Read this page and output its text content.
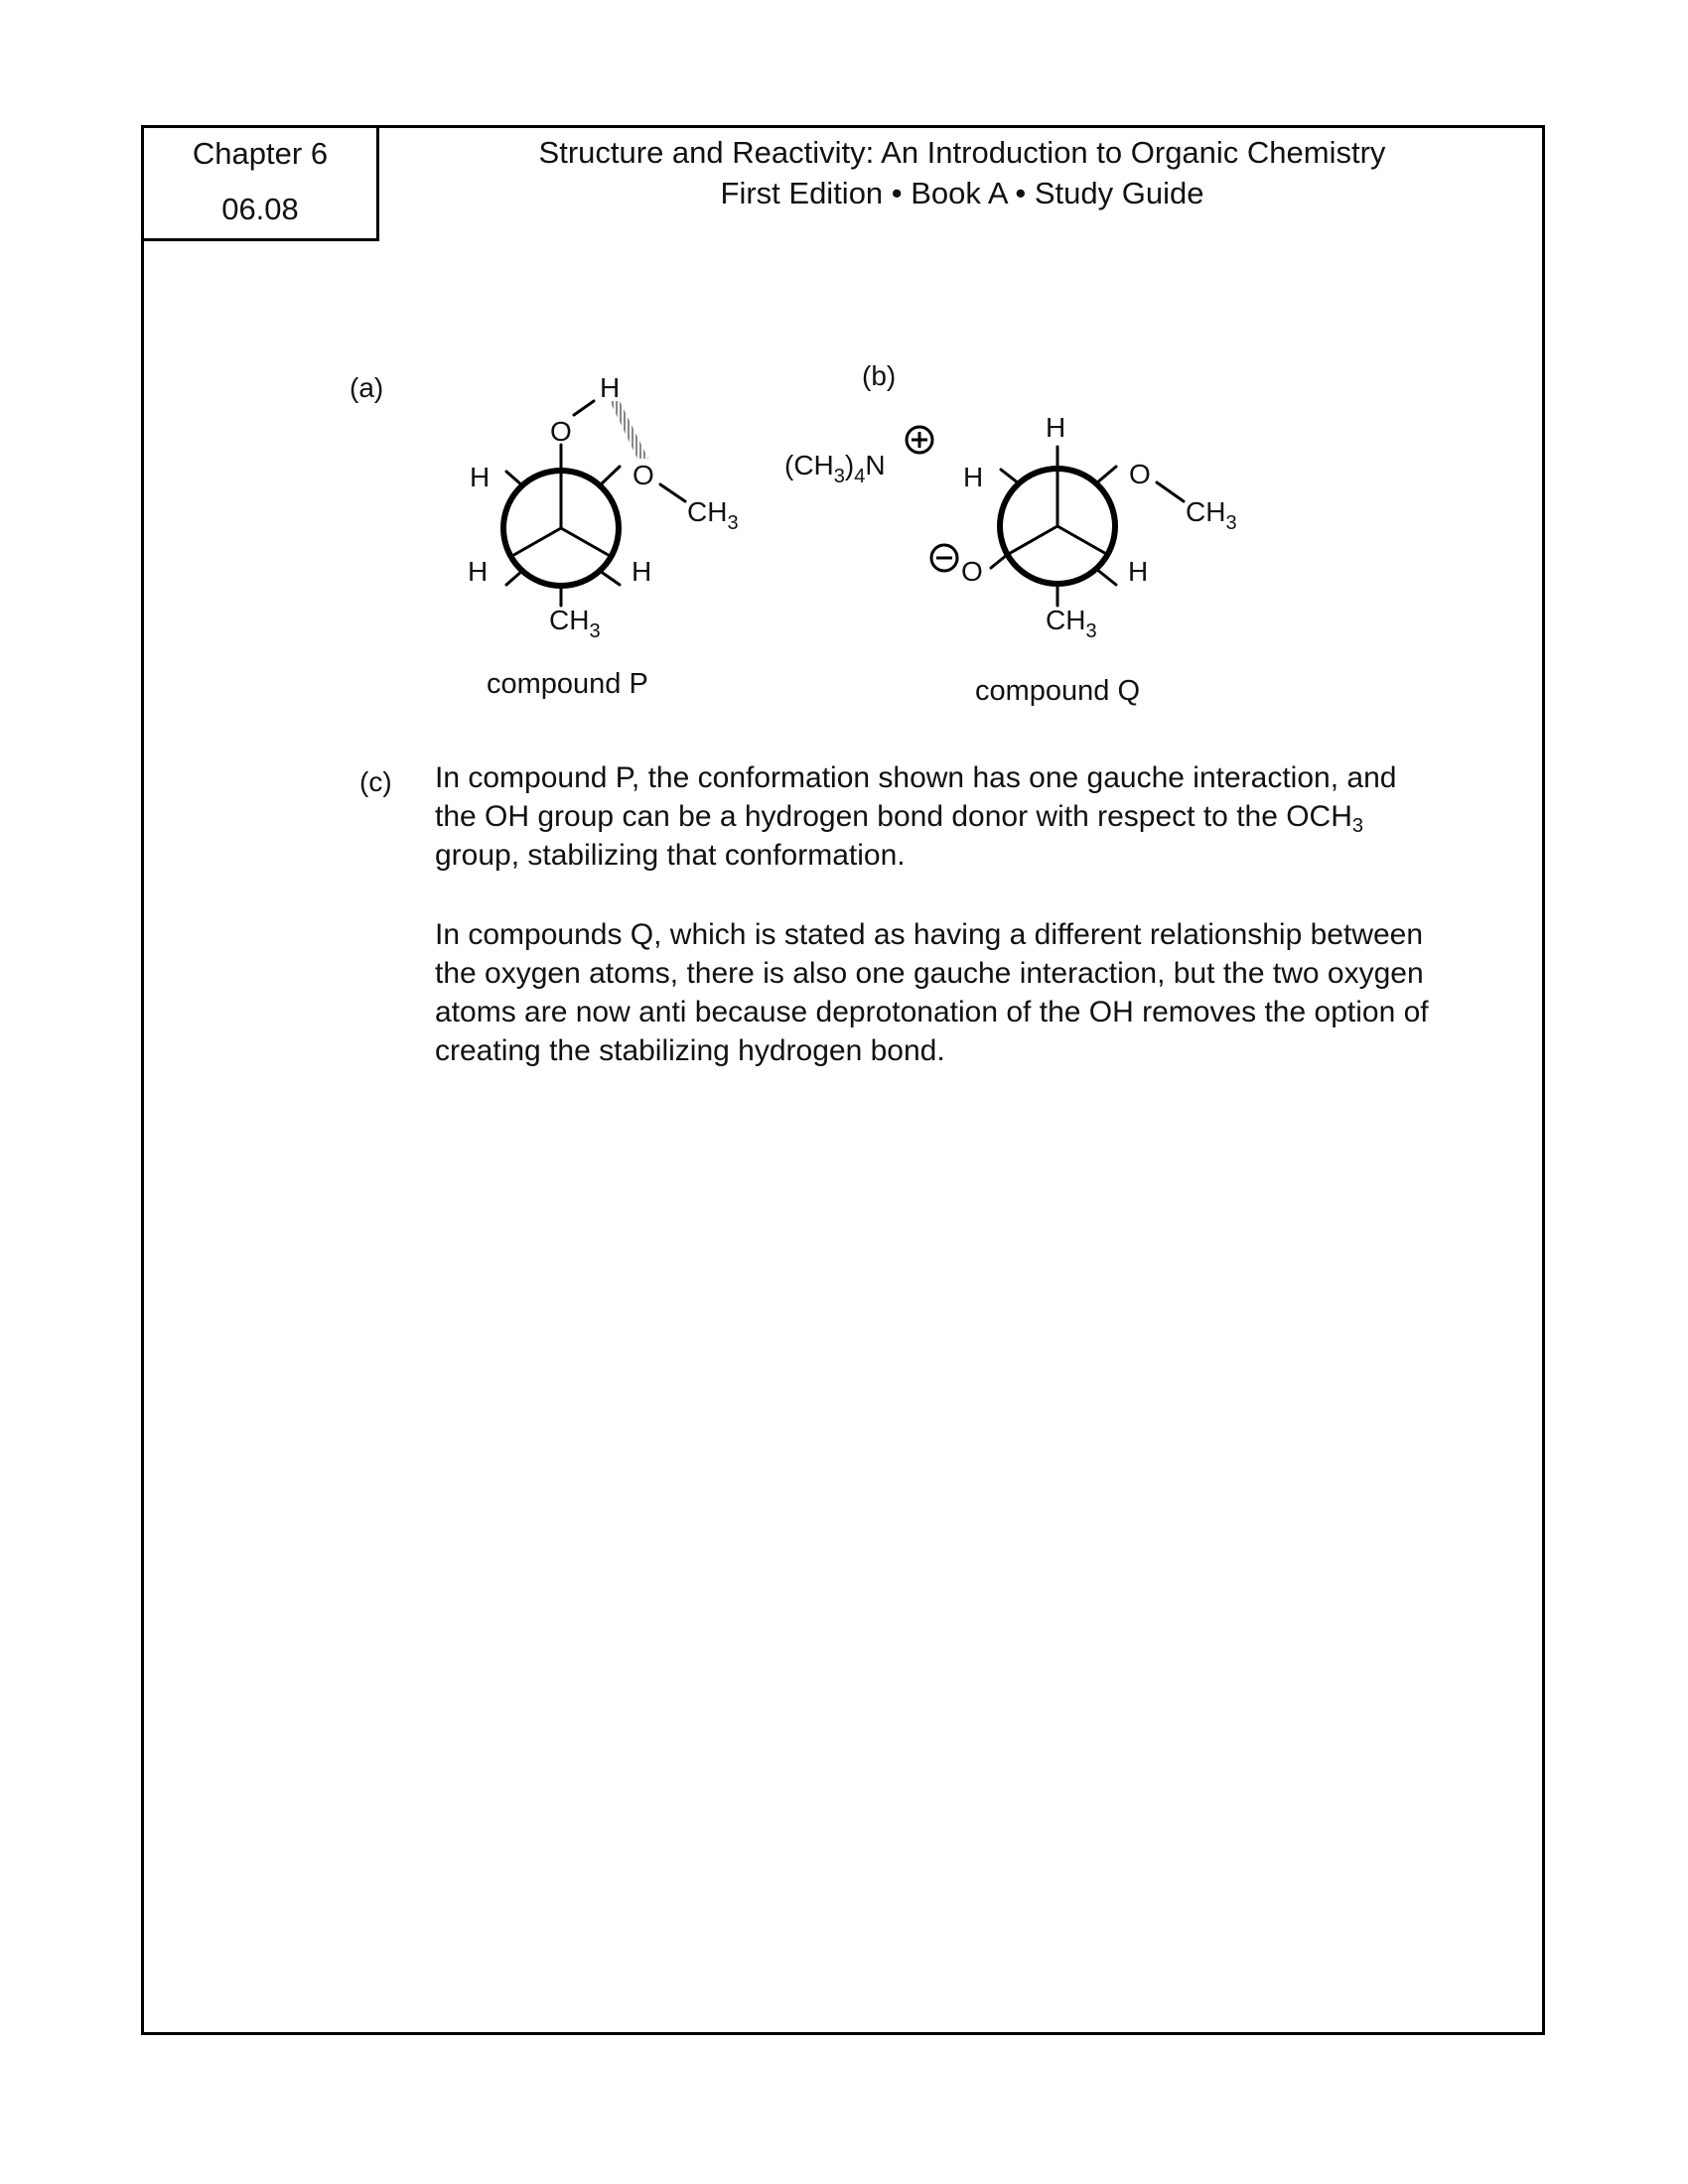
Chapter 6
06.08
Structure and Reactivity: An Introduction to Organic Chemistry
First Edition • Book A • Study Guide
(a)	(b)
H
O
O
$CH_3$
H
H	H
$CH_3$
compound P
$(CH_3)_4N$
H
H	O
$CH_3$
O	H
$CH_3$
compound Q
(c) In compound P, the conformation shown has one gauche interaction, and the OH group can be a hydrogen bond donor with respect to the $OCH_3$ group, stabilizing that conformation.

In compounds Q, which is stated as having a different relationship between the oxygen atoms, there is also one gauche interaction, but the two oxygen atoms are now anti because deprotonation of the OH removes the option of creating the stabilizing hydrogen bond.
